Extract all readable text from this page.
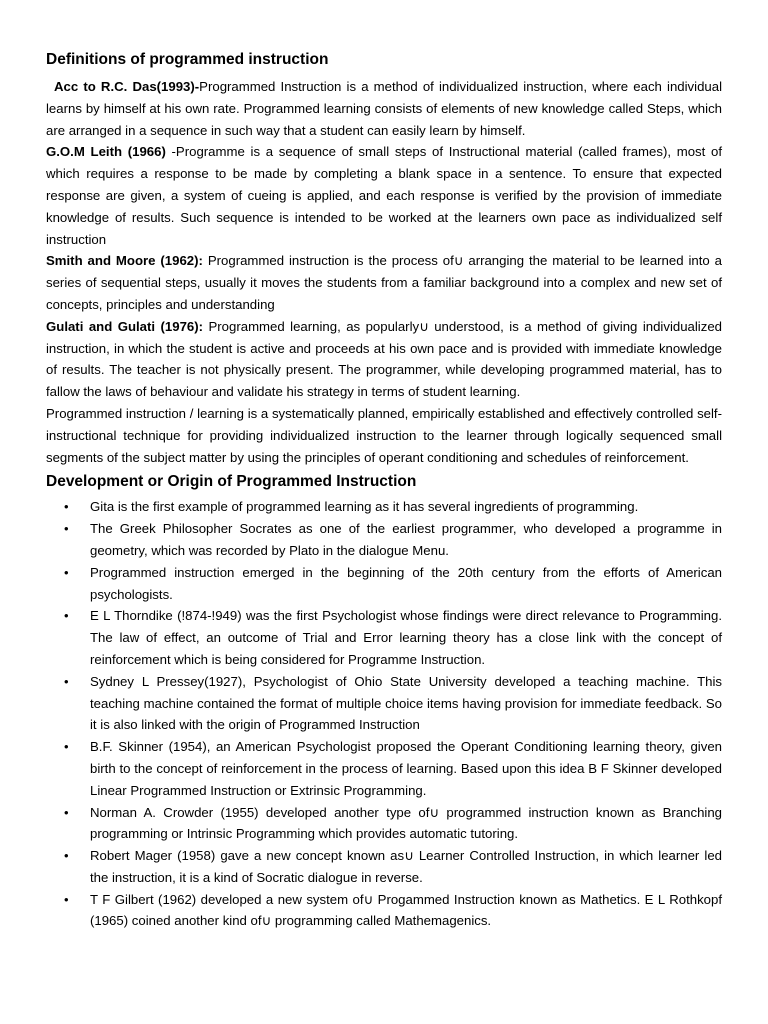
Definitions of programmed instruction

Acc to R.C. Das(1993)-Programmed Instruction is a method of individualized instruction, where each individual learns by himself at his own rate. Programmed learning consists of elements of new knowledge called Steps, which are arranged in a sequence in such way that a student can easily learn by himself.

G.O.M Leith (1966) -Programme is a sequence of small steps of Instructional material (called frames), most of which requires a response to be made by completing a blank space in a sentence. To ensure that expected response are given, a system of cueing is applied, and each response is verified by the provision of immediate knowledge of results. Such sequence is intended to be worked at the learners own pace as individualized self instruction

Smith and Moore (1962): Programmed instruction is the process of∪ arranging the material to be learned into a series of sequential steps, usually it moves the students from a familiar background into a complex and new set of concepts, principles and understanding

Gulati and Gulati (1976): Programmed learning, as popularly∪ understood, is a method of giving individualized instruction, in which the student is active and proceeds at his own pace and is provided with immediate knowledge of results. The teacher is not physically present. The programmer, while developing programmed material, has to fallow the laws of behaviour and validate his strategy in terms of student learning.

Programmed instruction / learning is a systematically planned, empirically established and effectively controlled self-instructional technique for providing individualized instruction to the learner through logically sequenced small segments of the subject matter by using the principles of operant conditioning and schedules of reinforcement.

Development or Origin of Programmed Instruction
• Gita is the first example of programmed learning as it has several ingredients of programming.
• The Greek Philosopher Socrates as one of the earliest programmer, who developed a programme in geometry, which was recorded by Plato in the dialogue Menu.
• Programmed instruction emerged in the beginning of the 20th century from the efforts of American psychologists.
• E L Thorndike (!874-!949) was the first Psychologist whose findings were direct relevance to Programming. The law of effect, an outcome of Trial and Error learning theory has a close link with the concept of reinforcement which is being considered for Programme Instruction.
• Sydney L Pressey(1927), Psychologist of Ohio State University developed a teaching machine. This teaching machine contained the format of multiple choice items having provision for immediate feedback. So it is also linked with the origin of Programmed Instruction
• B.F. Skinner (1954), an American Psychologist proposed the Operant Conditioning learning theory, given birth to the concept of reinforcement in the process of learning. Based upon this idea B F Skinner developed Linear Programmed Instruction or Extrinsic Programming.
• Norman A. Crowder (1955) developed another type of∪ programmed instruction known as Branching programming or Intrinsic Programming which provides automatic tutoring.
• Robert Mager (1958) gave a new concept known as∪ Learner Controlled Instruction, in which learner led the instruction, it is a kind of Socratic dialogue in reverse.
• T F Gilbert (1962) developed a new system of∪ Progammed Instruction known as Mathetics. E L Rothkopf (1965) coined another kind of∪ programming called Mathemagenics.
